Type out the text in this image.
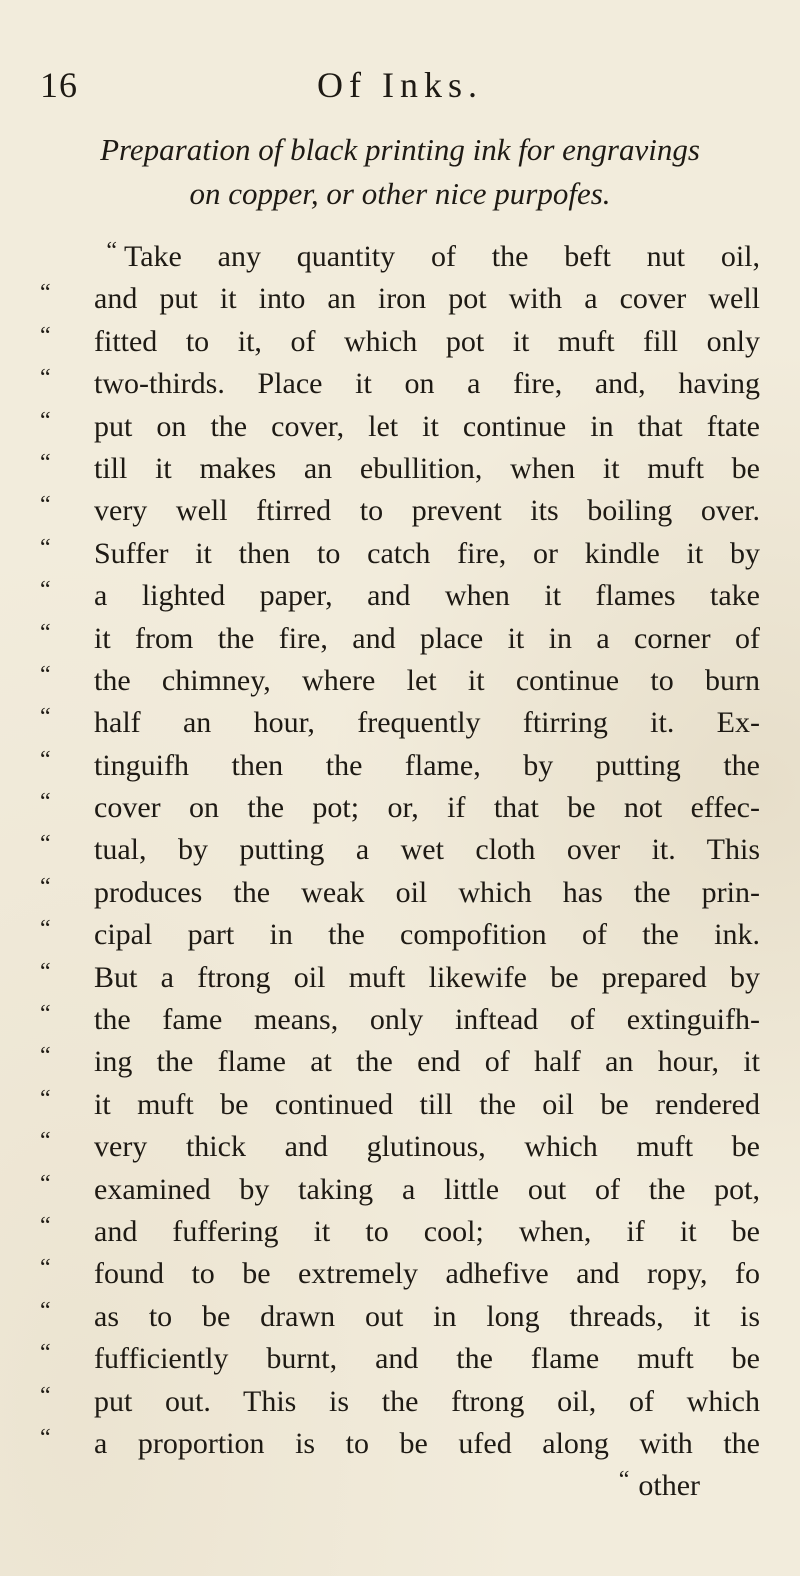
16	Of Inks.
Preparation of black printing ink for engravings
on copper, or other nice purpofes.
“ Take any quantity of the beft nut oil,
“	and put it into an iron pot with a cover well
“	fitted to it, of which pot it muft fill only
“	two-thirds. Place it on a fire, and, having
“	put on the cover, let it continue in that ftate
“	till it makes an ebullition, when it muft be
“	very well ftirred to prevent its boiling over.
“	Suffer it then to catch fire, or kindle it by
“	a lighted paper, and when it flames take
“	it from the fire, and place it in a corner of
“	the chimney, where let it continue to burn
“	half an hour, frequently ftirring it. Ex-
“	tinguifh then the flame, by putting the
“	cover on the pot; or, if that be not effec-
“	tual, by putting a wet cloth over it. This
“	produces the weak oil which has the prin-
“	cipal part in the compofition of the ink.
“	But a ftrong oil muft likewife be prepared by
“	the fame means, only inftead of extinguifh-
“	ing the flame at the end of half an hour, it
“	it muft be continued till the oil be rendered
“	very thick and glutinous, which muft be
“	examined by taking a little out of the pot,
“	and fuffering it to cool; when, if it be
“	found to be extremely adhefive and ropy, fo
“	as to be drawn out in long threads, it is
“	fufficiently burnt, and the flame muft be
“	put out. This is the ftrong oil, of which
“	a proportion is to be ufed along with the
“ other
